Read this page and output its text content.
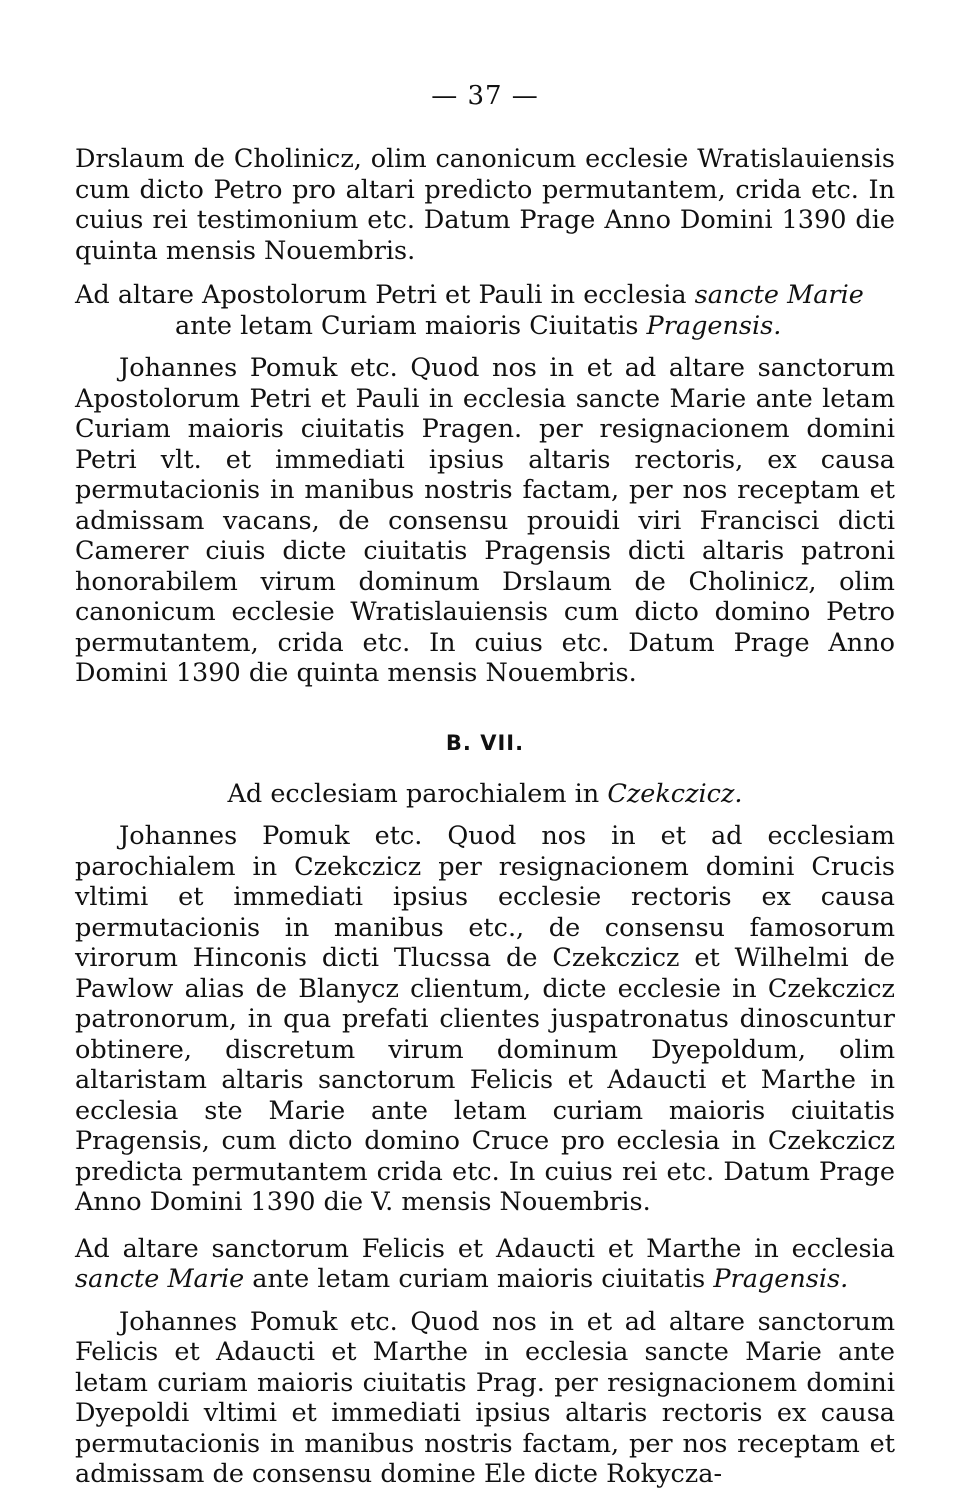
— 37 —

Drslaum de Cholinicz, olim canonicum ecclesie Wratislauiensis cum dicto Petro pro altari predicto permutantem, crida etc. In cuius rei testimonium etc. Datum Prage Anno Domini 1390 die quinta mensis Nouembris.

Ad altare Apostolorum Petri et Pauli in ecclesia sancte Marie ante letam Curiam maioris Ciuitatis Pragensis.

Johannes Pomuk etc. Quod nos in et ad altare sanctorum Apostolorum Petri et Pauli in ecclesia sancte Marie ante letam Curiam maioris ciuitatis Pragen. per resignacionem domini Petri vlt. et immediati ipsius altaris rectoris, ex causa permutacionis in manibus nostris factam, per nos receptam et admissam vacans, de consensu prouidi viri Francisci dicti Camerer ciuis dicte ciuitatis Pragensis dicti altaris patroni honorabilem virum dominum Drslaum de Cholinicz, olim canonicum ecclesie Wratislauiensis cum dicto domino Petro permutantem, crida etc. In cuius etc. Datum Prage Anno Domini 1390 die quinta mensis Nouembris.

B. VII.

Ad ecclesiam parochialem in Czekczicz.

Johannes Pomuk etc. Quod nos in et ad ecclesiam parochialem in Czekczicz per resignacionem domini Crucis vltimi et immediati ipsius ecclesie rectoris ex causa permutacionis in manibus etc., de consensu famosorum virorum Hinconis dicti Tlucssa de Czekczicz et Wilhelmi de Pawlow alias de Blanycz clientum, dicte ecclesie in Czekczicz patronorum, in qua prefati clientes juspatronatus dinoscuntur obtinere, discretum virum dominum Dyepoldum, olim altaristam altaris sanctorum Felicis et Adaucti et Marthe in ecclesia ste Marie ante letam curiam maioris ciuitatis Pragensis, cum dicto domino Cruce pro ecclesia in Czekczicz predicta permutantem crida etc. In cuius rei etc. Datum Prage Anno Domini 1390 die V. mensis Nouembris.

Ad altare sanctorum Felicis et Adaucti et Marthe in ecclesia sancte Marie ante letam curiam maioris ciuitatis Pragensis.

Johannes Pomuk etc. Quod nos in et ad altare sanctorum Felicis et Adaucti et Marthe in ecclesia sancte Marie ante letam curiam maioris ciuitatis Prag. per resignacionem domini Dyepoldi vltimi et immediati ipsius altaris rectoris ex causa permutacionis in manibus nostris factam, per nos receptam et admissam de consensu domine Ele dicte Rokycza-
